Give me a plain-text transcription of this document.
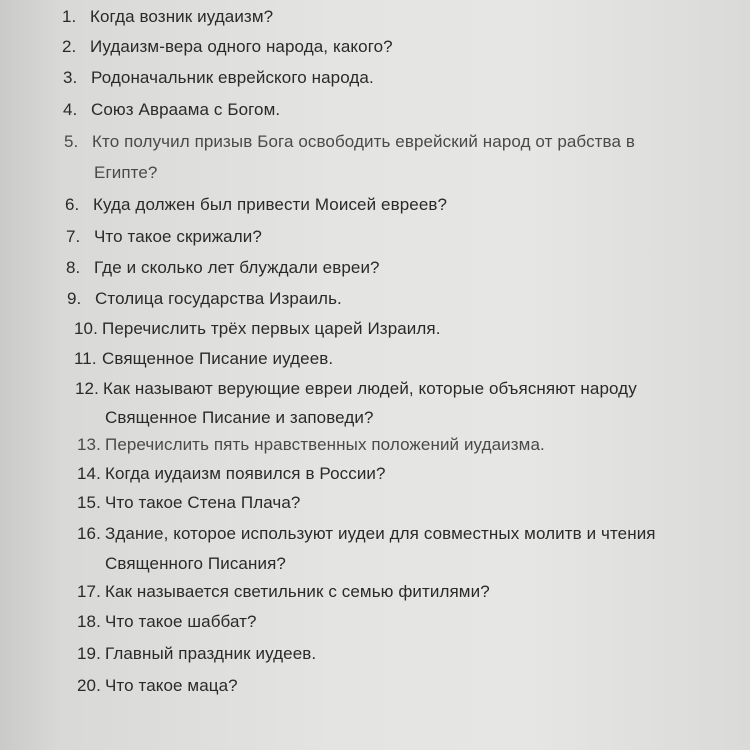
1. Когда возник иудаизм?
2. Иудаизм-вера одного народа, какого?
3. Родоначальник еврейского народа.
4. Союз Авраама с Богом.
5. Кто получил призыв Бога освободить еврейский народ от рабства в
Египте?
6. Куда должен был привести Моисей евреев?
7. Что такое скрижали?
8. Где и сколько лет блуждали евреи?
9. Столица государства Израиль.
10. Перечислить трёх первых царей Израиля.
11. Священное Писание иудеев.
12. Как называют верующие евреи людей, которые объясняют народу
Священное Писание и заповеди?
13. Перечислить пять нравственных положений иудаизма.
14. Когда иудаизм появился в России?
15. Что такое Стена Плача?
16. Здание, которое используют иудеи для совместных молитв и чтения
Священного Писания?
17. Как называется светильник с семью фитилями?
18. Что такое шаббат?
19. Главный праздник иудеев.
20. Что такое маца?
